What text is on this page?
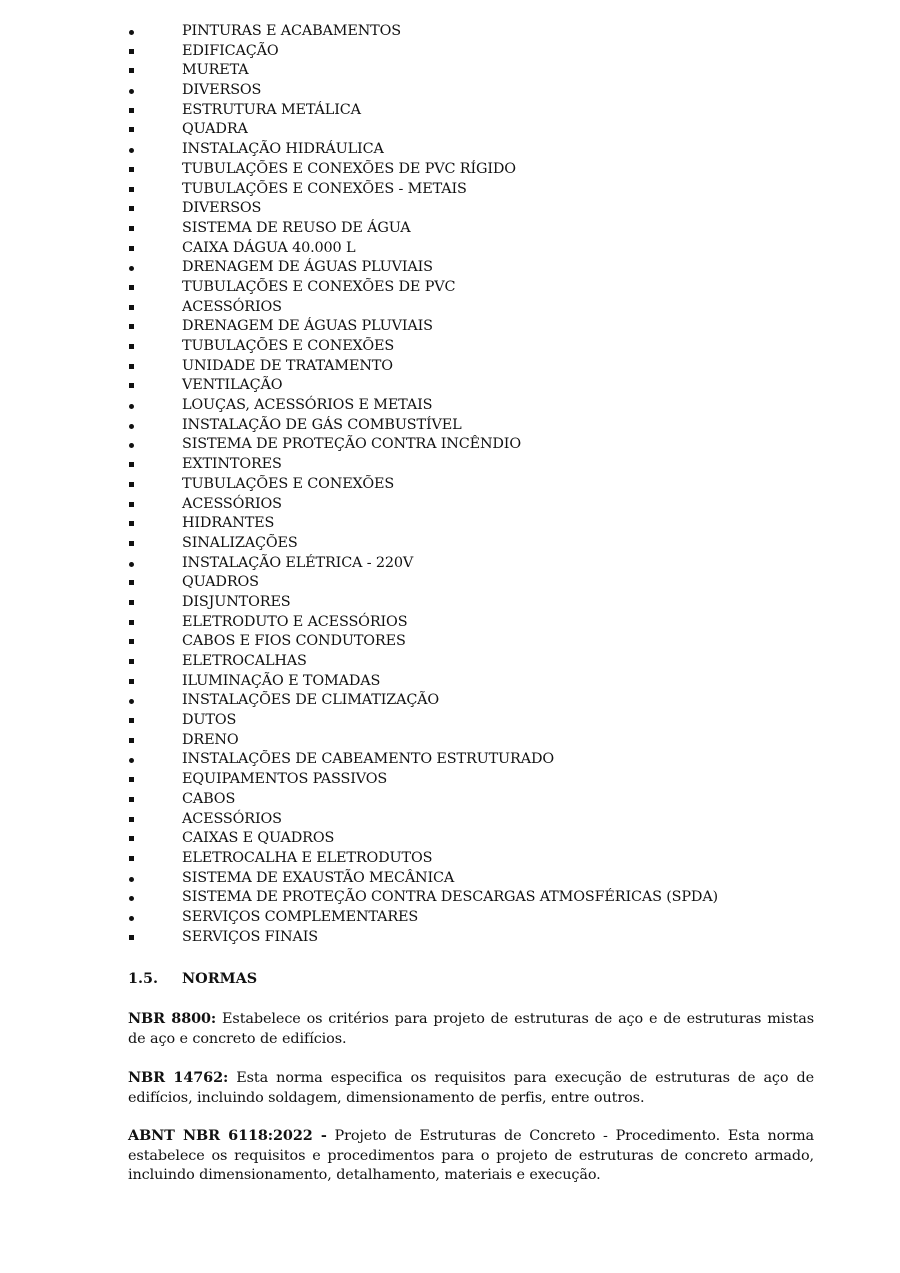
PINTURAS E ACABAMENTOS
EDIFICAÇÃO
MURETA
DIVERSOS
ESTRUTURA METÁLICA
QUADRA
INSTALAÇÃO HIDRÁULICA
TUBULAÇÕES E CONEXÕES DE PVC RÍGIDO
TUBULAÇÕES E CONEXÕES - METAIS
DIVERSOS
SISTEMA DE REUSO DE ÁGUA
CAIXA DÁGUA 40.000 L
DRENAGEM DE ÁGUAS PLUVIAIS
TUBULAÇÕES E CONEXÕES DE PVC
ACESSÓRIOS
DRENAGEM DE ÁGUAS PLUVIAIS
TUBULAÇÕES E CONEXÕES
UNIDADE DE TRATAMENTO
VENTILAÇÃO
LOUÇAS, ACESSÓRIOS E METAIS
INSTALAÇÃO DE GÁS COMBUSTÍVEL
SISTEMA DE PROTEÇÃO CONTRA INCÊNDIO
EXTINTORES
TUBULAÇÕES E CONEXÕES
ACESSÓRIOS
HIDRANTES
SINALIZAÇÕES
INSTALAÇÃO ELÉTRICA - 220V
QUADROS
DISJUNTORES
ELETRODUTO E ACESSÓRIOS
CABOS E FIOS CONDUTORES
ELETROCALHAS
ILUMINAÇÃO E TOMADAS
INSTALAÇÕES DE CLIMATIZAÇÃO
DUTOS
DRENO
INSTALAÇÕES DE CABEAMENTO ESTRUTURADO
EQUIPAMENTOS PASSIVOS
CABOS
ACESSÓRIOS
CAIXAS E QUADROS
ELETROCALHA E ELETRODUTOS
SISTEMA DE EXAUSTÃO MECÂNICA
SISTEMA DE PROTEÇÃO CONTRA DESCARGAS ATMOSFÉRICAS (SPDA)
SERVIÇOS COMPLEMENTARES
SERVIÇOS FINAIS
1.5. NORMAS

NBR 8800: Estabelece os critérios para projeto de estruturas de aço e de estruturas mistas de aço e concreto de edifícios.

NBR 14762: Esta norma especifica os requisitos para execução de estruturas de aço de edifícios, incluindo soldagem, dimensionamento de perfis, entre outros.

ABNT NBR 6118:2022 - Projeto de Estruturas de Concreto - Procedimento. Esta norma estabelece os requisitos e procedimentos para o projeto de estruturas de concreto armado, incluindo dimensionamento, detalhamento, materiais e execução.
